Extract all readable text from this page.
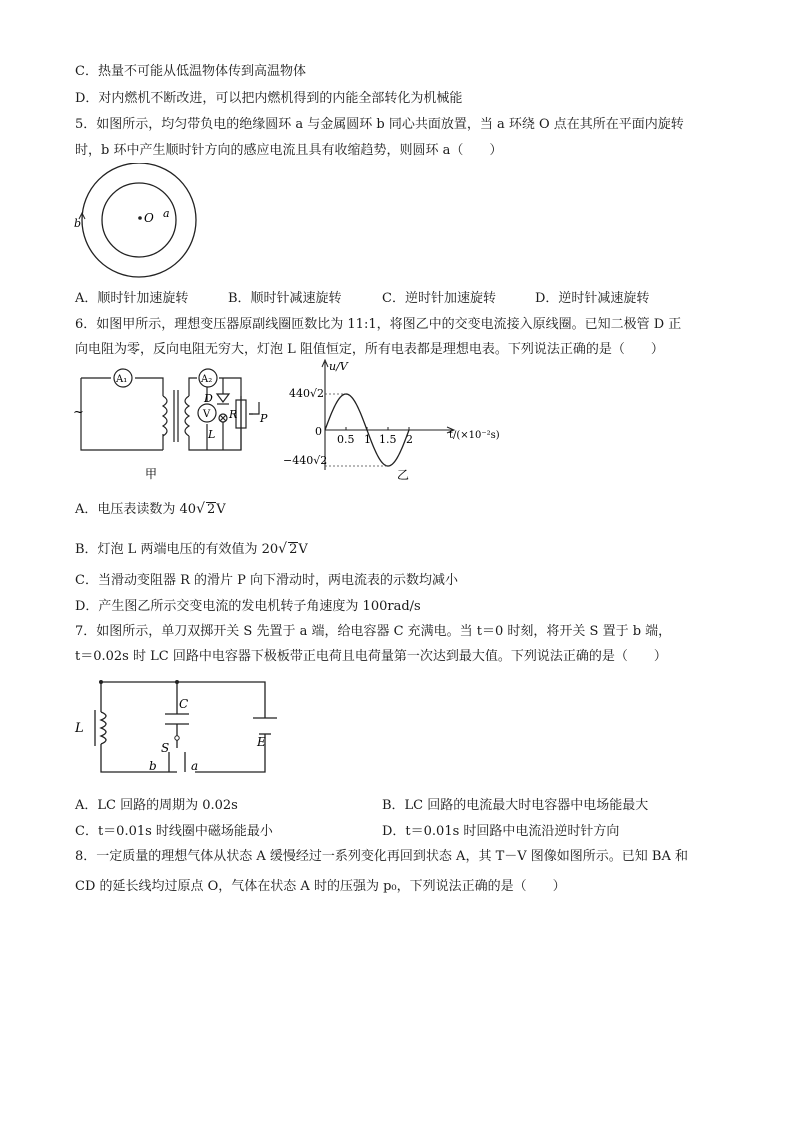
C．热量不可能从低温物体传到高温物体
D．对内燃机不断改进，可以把内燃机得到的内能全部转化为机械能
5．如图所示，均匀带负电的绝缘圆环 a 与金属圆环 b 同心共面放置，当 a 环绕 O 点在其所在平面内旋转
时，b 环中产生顺时针方向的感应电流且具有收缩趋势，则圆环 a（　　）
O a
b
A．顺时针加速旋转	B．顺时针减速旋转	C．逆时针加速旋转	D．逆时针减速旋转
6．如图甲所示，理想变压器原副线圈匝数比为 11:1，将图乙中的交变电流接入原线圈。已知二极管 D 正
向电阻为零，反向电阻无穷大，灯泡 L 阻值恒定，所有电表都是理想电表。下列说法正确的是（　　）
A₁	A₂
V
~
D
R P
L
甲
0.5 1 1.5 2
u/V
440√2
−440√2
0	t/(×10⁻²s)
乙
A．电压表读数为 40√ 2V
B．灯泡 L 两端电压的有效值为 20√ 2V
C．当滑动变阻器 R 的滑片 P 向下滑动时，两电流表的示数均减小
D．产生图乙所示交变电流的发电机转子角速度为 100rad/s
7．如图所示，单刀双掷开关 S 先置于 a 端，给电容器 C 充满电。当 t＝0 时刻，将开关 S 置于 b 端，
t＝0.02s 时 LC 回路中电容器下极板带正电荷且电荷量第一次达到最大值。下列说法正确的是（　　）
L
C
S	E
b	a
A．LC 回路的周期为 0.02s	B．LC 回路的电流最大时电容器中电场能最大
C．t＝0.01s 时线圈中磁场能最小	D．t＝0.01s 时回路中电流沿逆时针方向
8．一定质量的理想气体从状态 A 缓慢经过一系列变化再回到状态 A，其 T－V 图像如图所示。已知 BA 和
CD 的延长线均过原点 O，气体在状态 A 时的压强为 p₀，下列说法正确的是（　　）
